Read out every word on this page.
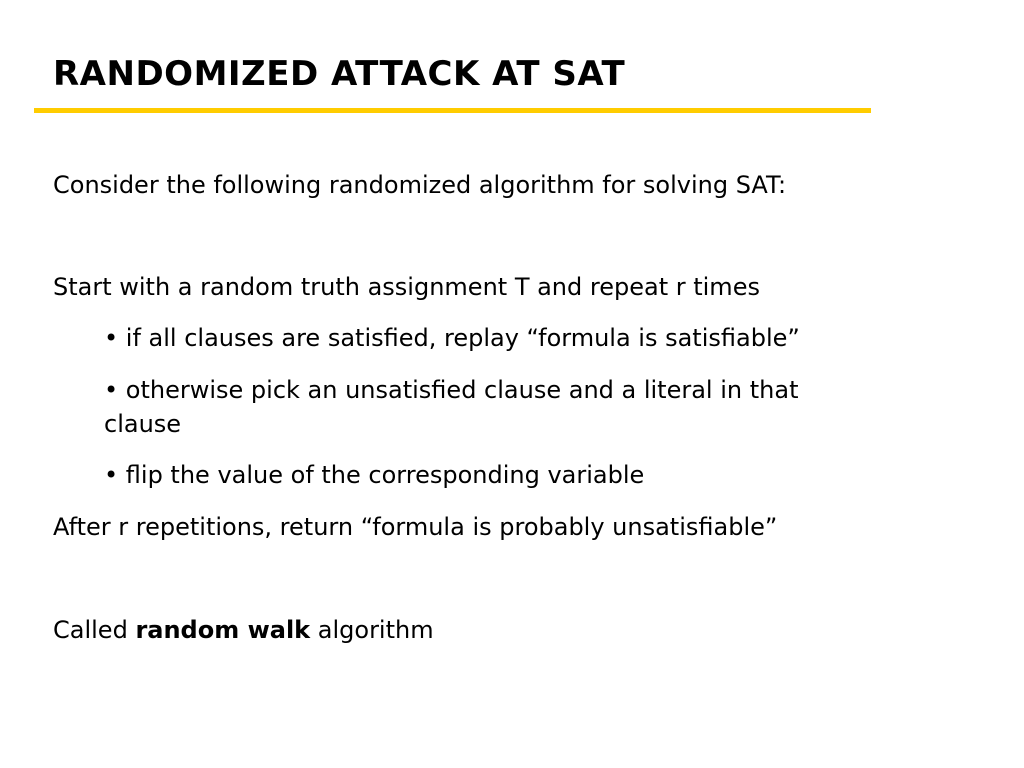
RANDOMIZED ATTACK AT SAT

Consider the following randomized algorithm for solving SAT:

Start with a random truth assignment T and repeat r times

• if all clauses are satisfied, replay “formula is satisfiable”

• otherwise pick an unsatisfied clause and a literal in that

clause

• flip the value of the corresponding variable

After r repetitions, return “formula is probably unsatisfiable”

Called random walk algorithm
